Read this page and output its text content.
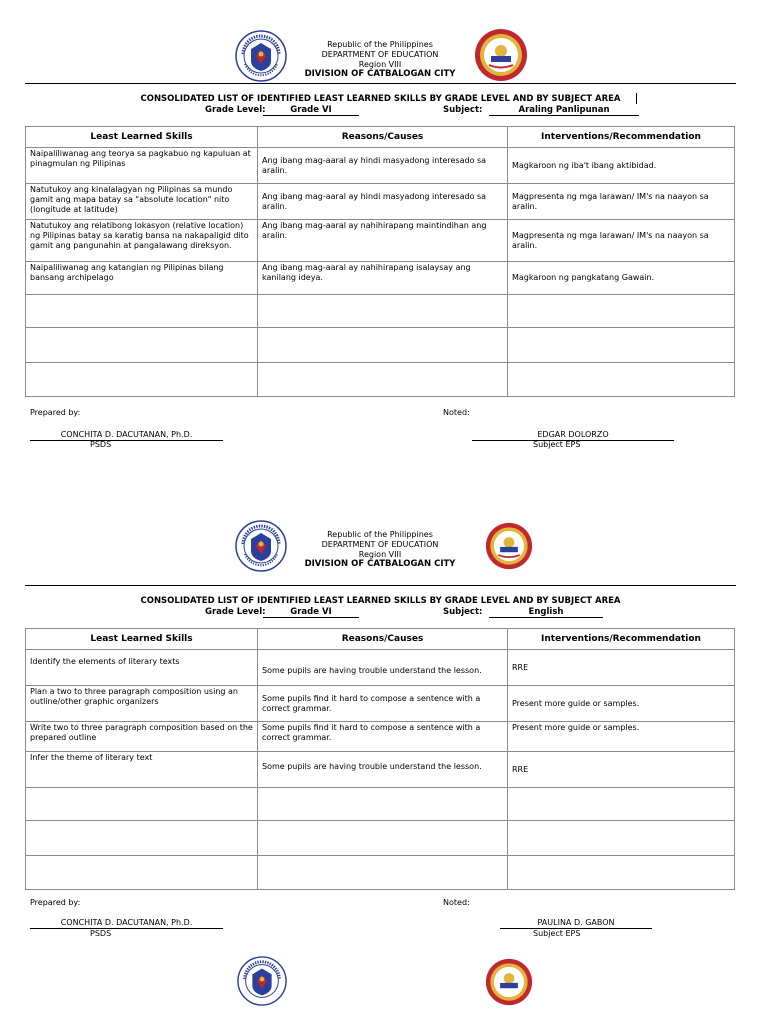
Republic of the Philippines
DEPARTMENT OF EDUCATION
Region VIII
DIVISION OF CATBALOGAN CITY
CONSOLIDATED LIST OF IDENTIFIED LEAST LEARNED SKILLS BY GRADE LEVEL AND BY SUBJECT AREA
Grade Level:	Grade VI	Subject:	Araling Panlipunan
Least Learned Skills	Reasons/Causes	Interventions/Recommendation
Naipaliliwanag ang teorya sa pagkabuo ng kapuluan at pinagmulan ng Pilipinas	Ang ibang mag-aaral ay hindi masyadong interesado sa aralin.	Magkaroon ng iba't ibang aktibidad.
Natutukoy ang kinalalagyan ng Pilipinas sa mundo gamit ang mapa batay sa "absolute location" nito (longitude at latitude)	Ang ibang mag-aaral ay hindi masyadong interesado sa aralin.	Magpresenta ng mga larawan/ IM's na naayon sa aralin.
Natutukoy ang relatibong lokasyon (relative location) ng Pilipinas batay sa karatig bansa na nakapaligid dito gamit ang pangunahin at pangalawang direksyon.	Ang ibang mag-aaral ay nahihirapang maintindihan ang aralin.	Magpresenta ng mga larawan/ IM's na naayon sa aralin.
Naipaliliwanag ang katangian ng Pilipinas bilang bansang archipelago	Ang ibang mag-aaral ay nahihirapang isalaysay ang kanilang ideya.	Magkaroon ng pangkatang Gawain.

Prepared by:	Noted:
CONCHITA D. DACUTANAN, Ph.D.
PSDS
EDGAR DOLORZO
Subject EPS
Republic of the Philippines
DEPARTMENT OF EDUCATION
Region VIII
DIVISION OF CATBALOGAN CITY
CONSOLIDATED LIST OF IDENTIFIED LEAST LEARNED SKILLS BY GRADE LEVEL AND BY SUBJECT AREA
Grade Level:	Grade VI	Subject:	English
Least Learned Skills	Reasons/Causes	Interventions/Recommendation
Identify the elements of literary texts	Some pupils are having trouble understand the lesson.	RRE
Plan a two to three paragraph composition using an outline/other graphic organizers	Some pupils find it hard to compose a sentence with a correct grammar.	Present more guide or samples.
Write two to three paragraph composition based on the prepared outline	Some pupils find it hard to compose a sentence with a correct grammar.	Present more guide or samples.
Infer the theme of literary text	Some pupils are having trouble understand the lesson.	RRE

Prepared by:	Noted:
CONCHITA D. DACUTANAN, Ph.D.
PSDS
PAULINA D. GABON
Subject EPS
